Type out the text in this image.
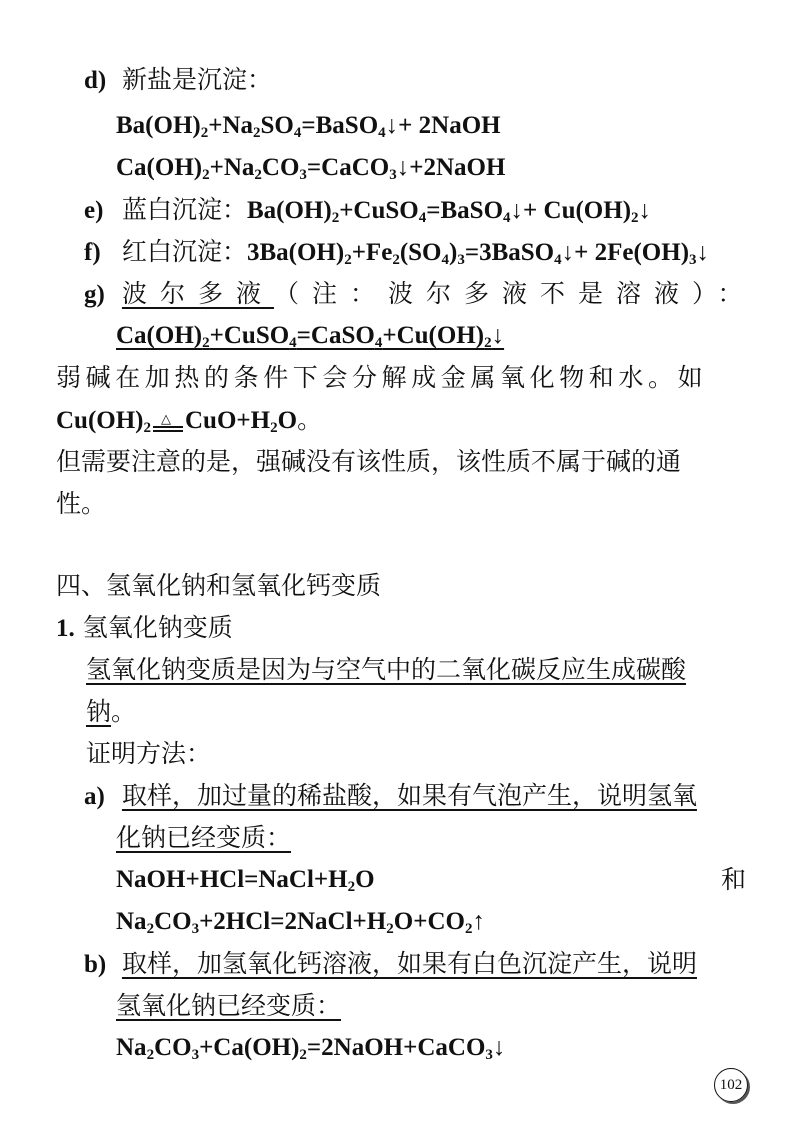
d) 新盐是沉淀：
$Ba(OH)_2+Na_2SO_4=BaSO_4↓+$ 2NaOH
$Ca(OH)_2+Na_2CO_3=CaCO_3↓+2NaOH$
e) 蓝白沉淀：$Ba(OH)_2+CuSO_4=BaSO_4↓+$ $Cu(OH)_2↓$
f) 红白沉淀：$3Ba(OH)_2+Fe_2(SO_4)_3=3BaSO_4↓+$ $2Fe(OH)_3↓$
g) 波尔多液（注：波尔多液不是溶液）：
$Ca(OH)_2+CuSO_4=CaSO_4+Cu(OH)_2↓$
弱碱在加热的条件下会分解成金属氧化物和水。如
$Cu(OH)_2$
△ $CuO+H_2O$。
但需要注意的是，强碱没有该性质，该性质不属于碱的通
性。
四、氢氧化钠和氢氧化钙变质
1. 氢氧化钠变质
氢氧化钠变质是因为与空气中的二氧化碳反应生成碳酸
钠。
证明方法：
a) 取样，加过量的稀盐酸，如果有气泡产生，说明氢氧
化钠已经变质：
$NaOH+HCl=NaCl+H_2O$	和
$Na_2CO_3+2HCl=2NaCl+H_2O+CO_2↑$
b) 取样，加氢氧化钙溶液，如果有白色沉淀产生，说明
氢氧化钠已经变质：
$Na_2CO_3+Ca(OH)_2=2NaOH+CaCO_3↓$
102
